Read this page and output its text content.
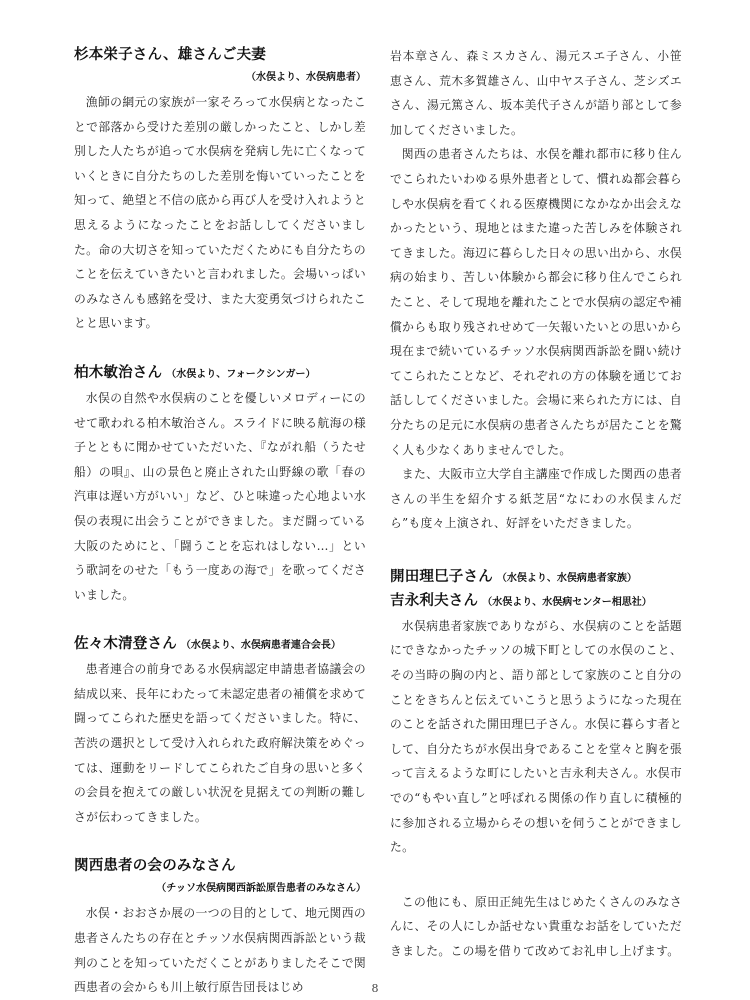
杉本栄子さん、雄さんご夫妻
（水俣より、水俣病患者）

漁師の網元の家族が一家そろって水俣病となったことで部落から受けた差別の厳しかったこと、しかし差別した人たちが追って水俣病を発病し先に亡くなっていくときに自分たちのした差別を悔いていったことを知って、絶望と不信の底から再び人を受け入れようと思えるようになったことをお話ししてくださいました。命の大切さを知っていただくためにも自分たちのことを伝えていきたいと言われました。会場いっぱいのみなさんも感銘を受け、また大変勇気づけられたことと思います。

柏木敏治さん （水俣より、フォークシンガー）

水俣の自然や水俣病のことを優しいメロディーにのせて歌われる柏木敏治さん。スライドに映る航海の様子とともに聞かせていただいた、『ながれ船（うたせ船）の唄』、山の景色と廃止された山野線の歌「春の汽車は遅い方がいい」など、ひと味違った心地よい水俣の表現に出会うことができました。まだ闘っている大阪のためにと、「闘うことを忘れはしない…」という歌詞をのせた「もう一度あの海で」を歌ってくださいました。

佐々木清登さん （水俣より、水俣病患者連合会長）

患者連合の前身である水俣病認定申請患者協議会の結成以来、長年にわたって未認定患者の補償を求めて闘ってこられた歴史を語ってくださいました。特に、苦渋の選択として受け入れられた政府解決策をめぐっては、運動をリードしてこられたご自身の思いと多くの会員を抱えての厳しい状況を見据えての判断の難しさが伝わってきました。

関西患者の会のみなさん
（チッソ水俣病関西訴訟原告患者のみなさん）

水俣・おおさか展の一つの目的として、地元関西の患者さんたちの存在とチッソ水俣病関西訴訟という裁判のことを知っていただくことがありましたそこで関西患者の会からも川上敏行原告団長はじめ

岩本章さん、森ミスカさん、湯元スエ子さん、小笹恵さん、荒木多賀雄さん、山中ヤス子さん、芝シズエさん、湯元篤さん、坂本美代子さんが語り部として参加してくださいました。

関西の患者さんたちは、水俣を離れ都市に移り住んでこられたいわゆる県外患者として、慣れぬ都会暮らしや水俣病を看てくれる医療機関になかなか出会えなかったという、現地とはまた違った苦しみを体験されてきました。海辺に暮らした日々の思い出から、水俣病の始まり、苦しい体験から都会に移り住んでこられたこと、そして現地を離れたことで水俣病の認定や補償からも取り残されせめて一矢報いたいとの思いから現在まで続いているチッソ水俣病関西訴訟を闘い続けてこられたことなど、それぞれの方の体験を通じてお話ししてくださいました。会場に来られた方には、自分たちの足元に水俣病の患者さんたちが居たことを驚く人も少なくありませんでした。

また、大阪市立大学自主講座で作成した関西の患者さんの半生を紹介する紙芝居“なにわの水俣まんだら”も度々上演され、好評をいただきました。

開田理巳子さん （水俣より、水俣病患者家族）
吉永利夫さん （水俣より、水俣病センター相思社）

水俣病患者家族でありながら、水俣病のことを話題にできなかったチッソの城下町としての水俣のこと、その当時の胸の内と、語り部として家族のこと自分のことをきちんと伝えていこうと思うようになった現在のことを話された開田理巳子さん。水俣に暮らす者として、自分たちが水俣出身であることを堂々と胸を張って言えるような町にしたいと吉永利夫さん。水俣市での“もやい直し”と呼ばれる関係の作り直しに積極的に参加される立場からその想いを伺うことができました。

この他にも、原田正純先生はじめたくさんのみなさんに、その人にしか話せない貴重なお話をしていただきました。この場を借りて改めてお礼申し上げます。

8
